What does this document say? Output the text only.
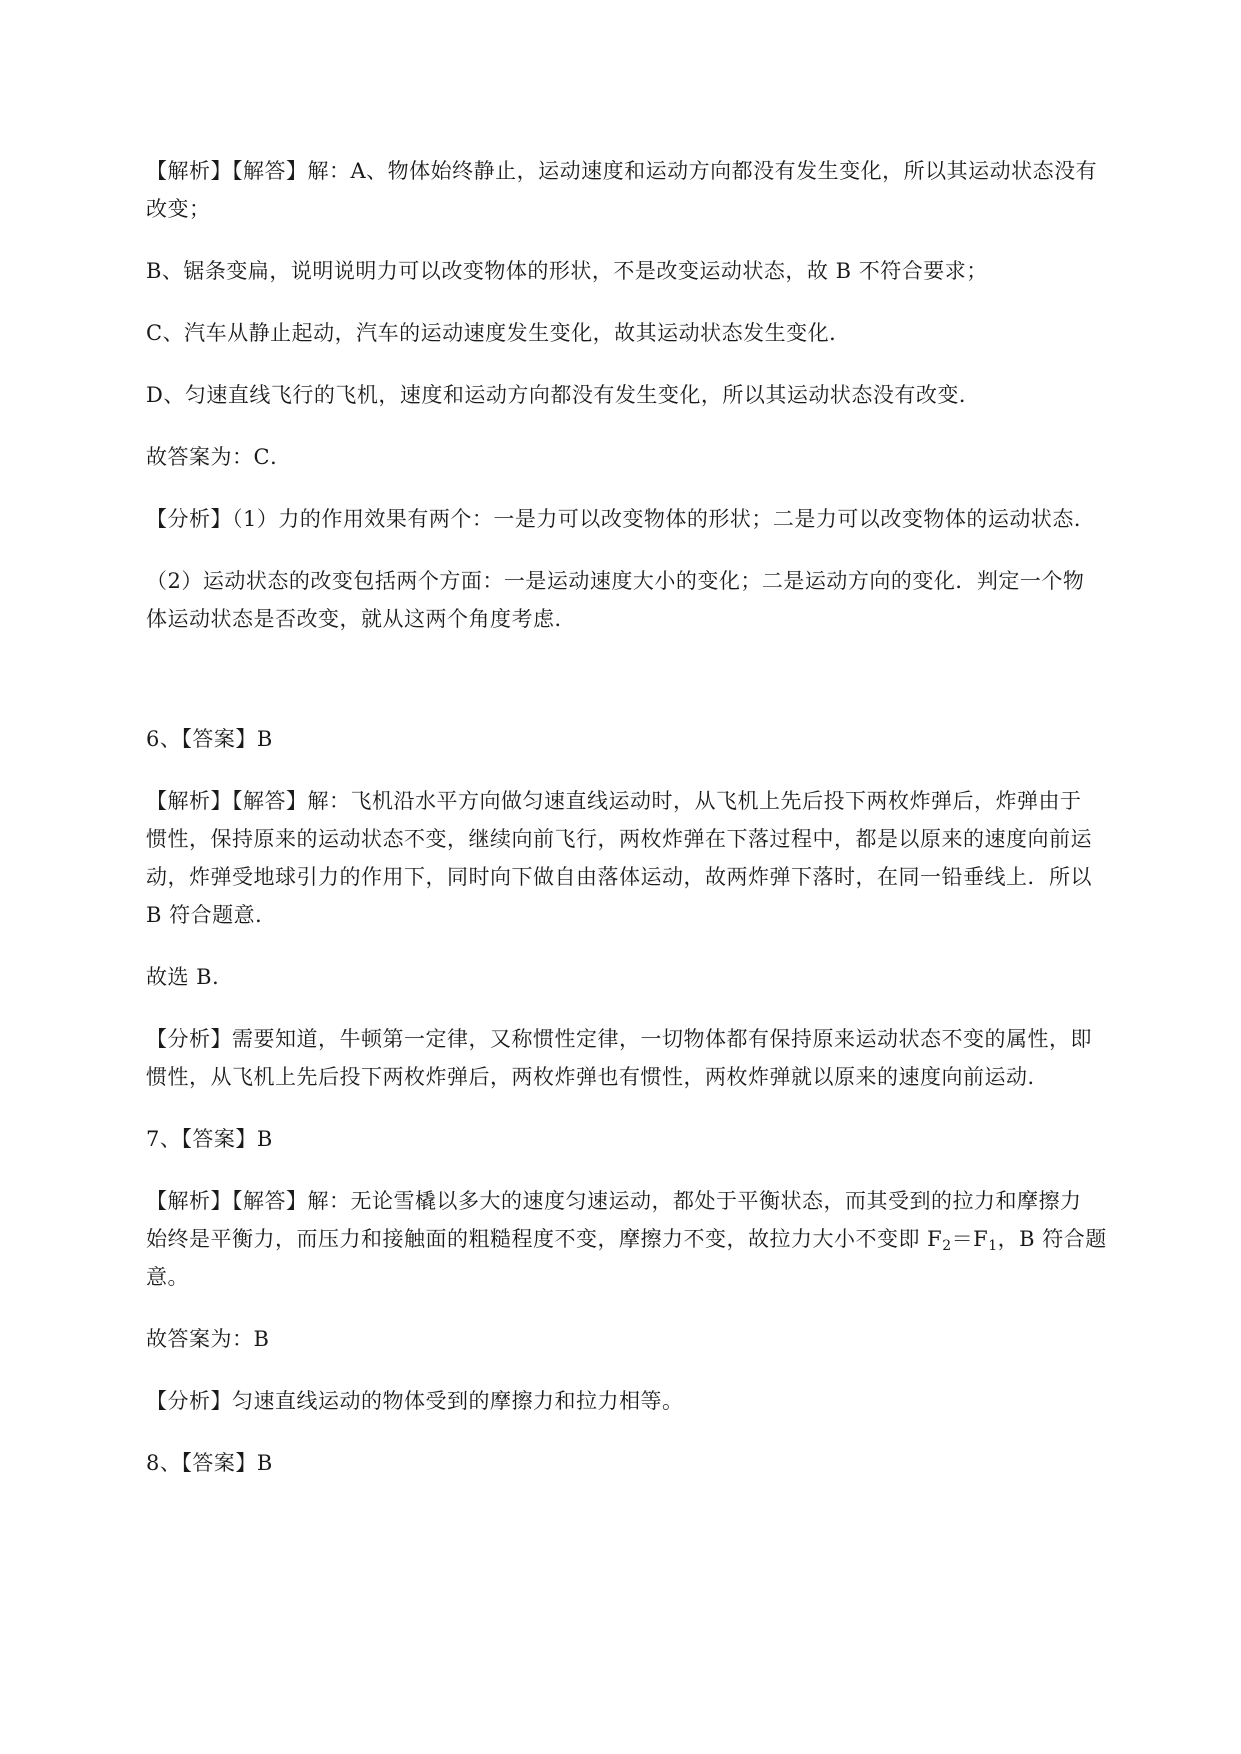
【解析】【解答】解：A、物体始终静止，运动速度和运动方向都没有发生变化，所以其运动状态没有
改变；

B、锯条变扁，说明说明力可以改变物体的形状，不是改变运动状态，故 B 不符合要求；

C、汽车从静止起动，汽车的运动速度发生变化，故其运动状态发生变化．

D、匀速直线飞行的飞机，速度和运动方向都没有发生变化，所以其运动状态没有改变．

故答案为：C．

【分析】（1）力的作用效果有两个：一是力可以改变物体的形状；二是力可以改变物体的运动状态．

（2）运动状态的改变包括两个方面：一是运动速度大小的变化；二是运动方向的变化．判定一个物
体运动状态是否改变，就从这两个角度考虑．

6、【答案】B

【解析】【解答】解：飞机沿水平方向做匀速直线运动时，从飞机上先后投下两枚炸弹后，炸弹由于
惯性，保持原来的运动状态不变，继续向前飞行，两枚炸弹在下落过程中，都是以原来的速度向前运
动，炸弹受地球引力的作用下，同时向下做自由落体运动，故两炸弹下落时，在同一铅垂线上．所以
B 符合题意．

故选 B．

【分析】需要知道，牛顿第一定律，又称惯性定律，一切物体都有保持原来运动状态不变的属性，即
惯性，从飞机上先后投下两枚炸弹后，两枚炸弹也有惯性，两枚炸弹就以原来的速度向前运动．

7、【答案】B

【解析】【解答】解：无论雪橇以多大的速度匀速运动，都处于平衡状态，而其受到的拉力和摩擦力
始终是平衡力，而压力和接触面的粗糙程度不变，摩擦力不变，故拉力大小不变即 $F_2=F_1$，B 符合题
意。

故答案为：B

【分析】匀速直线运动的物体受到的摩擦力和拉力相等。

8、【答案】B
